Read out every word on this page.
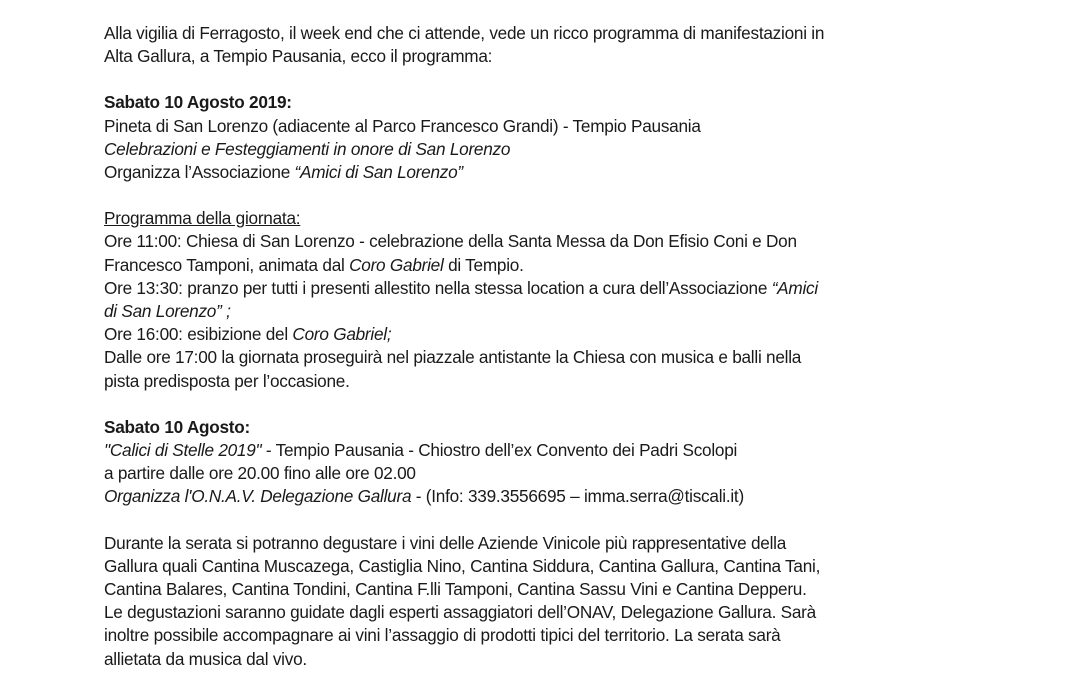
Alla vigilia di Ferragosto, il week end che ci attende, vede un ricco programma di manifestazioni in

Alta Gallura, a Tempio Pausania, ecco il programma:

Sabato 10 Agosto 2019:

Pineta di San Lorenzo (adiacente al Parco Francesco Grandi) - Tempio Pausania

Celebrazioni e Festeggiamenti in onore di San Lorenzo

Organizza l’Associazione “Amici di San Lorenzo”

Programma della giornata:

Ore 11:00: Chiesa di San Lorenzo - celebrazione della Santa Messa da Don Efisio Coni e Don

Francesco Tamponi, animata dal Coro Gabriel di Tempio.

Ore 13:30: pranzo per tutti i presenti allestito nella stessa location a cura dell’Associazione “Amici

di San Lorenzo” ;

Ore 16:00: esibizione del Coro Gabriel;

Dalle ore 17:00 la giornata proseguirà nel piazzale antistante la Chiesa con musica e balli nella

pista predisposta per l’occasione.

Sabato 10 Agosto:

"Calici di Stelle 2019" - Tempio Pausania - Chiostro dell’ex Convento dei Padri Scolopi

a partire dalle ore 20.00 fino alle ore 02.00

Organizza l'O.N.A.V. Delegazione Gallura - (Info: 339.3556695 – imma.serra@tiscali.it)

Durante la serata si potranno degustare i vini delle Aziende Vinicole più rappresentative della

Gallura quali Cantina Muscazega, Castiglia Nino, Cantina Siddura, Cantina Gallura, Cantina Tani,

Cantina Balares, Cantina Tondini, Cantina F.lli Tamponi, Cantina Sassu Vini e Cantina Depperu.

Le degustazioni saranno guidate dagli esperti assaggiatori dell’ONAV, Delegazione Gallura. Sarà

inoltre possibile accompagnare ai vini l’assaggio di prodotti tipici del territorio. La serata sarà

allietata da musica dal vivo.
